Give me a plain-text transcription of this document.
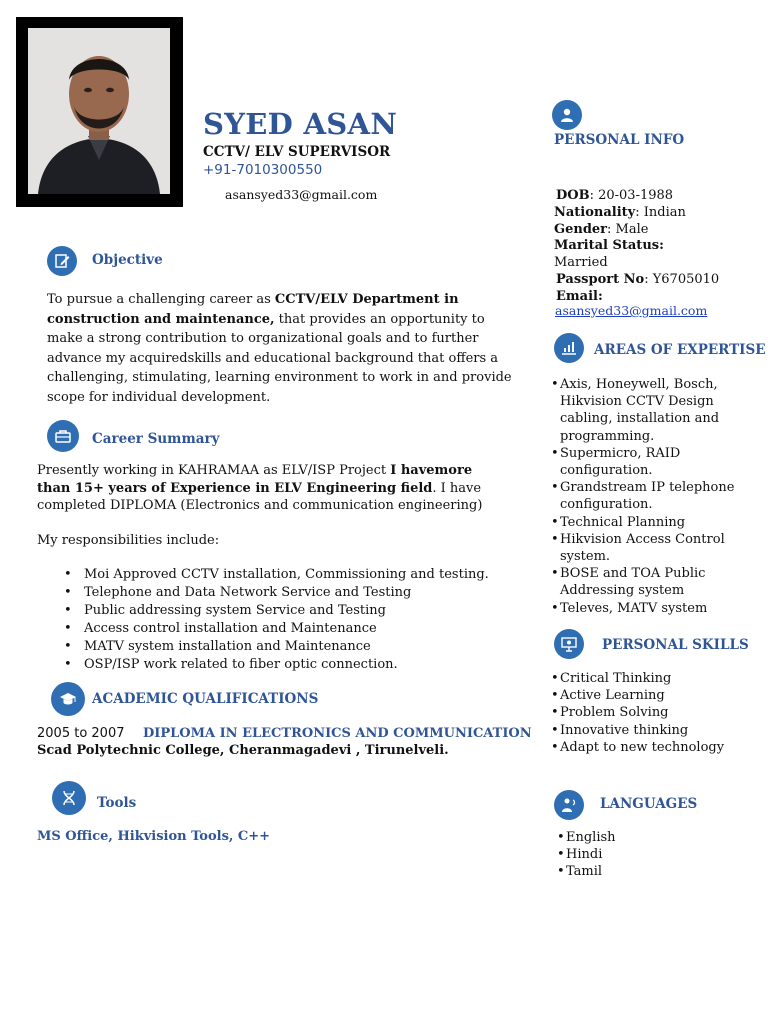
SYED ASAN
CCTV/ ELV SUPERVISOR
+91-7010300550
asansyed33@gmail.com
Objective
To pursue a challenging career as CCTV/ELV Department in construction and maintenance, that provides an opportunity to make a strong contribution to organizational goals and to further advance my acquiredskills and educational background that offers a challenging, stimulating, learning environment to work in and provide scope for individual development.
Career Summary
Presently working in KAHRAMAA as ELV/ISP Project I havemore than 15+ years of Experience in ELV Engineering field. I have completed DIPLOMA (Electronics and communication engineering)
My responsibilities include:
• Moi Approved CCTV installation, Commissioning and testing.
• Telephone and Data Network Service and Testing
• Public addressing system Service and Testing
• Access control installation and Maintenance
• MATV system installation and Maintenance
• OSP/ISP work related to fiber optic connection.
ACADEMIC QUALIFICATIONS
2005 to 2007 DIPLOMA IN ELECTRONICS AND COMMUNICATION
Scad Polytechnic College, Cheranmagadevi , Tirunelveli.
Tools
MS Office, Hikvision Tools, C++
PERSONAL INFO
DOB: 20-03-1988
Nationality: Indian
Gender: Male
Marital Status:
Married
Passport No: Y6705010
Email:
asansyed33@gmail.com
AREAS OF EXPERTISE
• Axis, Honeywell, Bosch, Hikvision CCTV Design cabling, installation and programming.
• Supermicro, RAID configuration.
• Grandstream IP telephone configuration.
• Technical Planning
• Hikvision Access Control system.
• BOSE and TOA Public Addressing system
• Televes, MATV system
PERSONAL SKILLS
• Critical Thinking
• Active Learning
• Problem Solving
• Innovative thinking
• Adapt to new technology
LANGUAGES
• English
• Hindi
• Tamil
